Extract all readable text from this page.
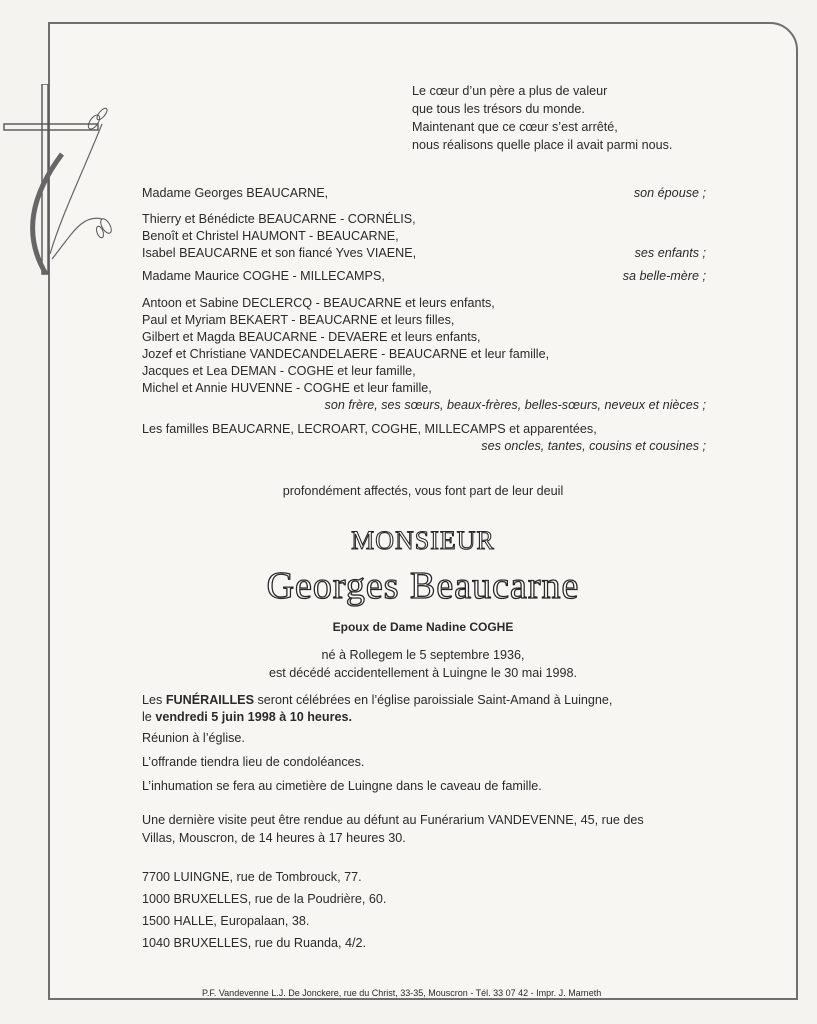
Le cœur d’un père a plus de valeur
que tous les trésors du monde.
Maintenant que ce cœur s’est arrêté,
nous réalisons quelle place il avait parmi nous.
Madame Georges BEAUCARNE,	son épouse ;
Thierry et Bénédicte BEAUCARNE - CORNÉLIS,
Benoît et Christel HAUMONT - BEAUCARNE,
Isabel BEAUCARNE et son fiancé Yves VIAENE,	ses enfants ;
Madame Maurice COGHE - MILLECAMPS,	sa belle-mère ;
Antoon et Sabine DECLERCQ - BEAUCARNE et leurs enfants,
Paul et Myriam BEKAERT - BEAUCARNE et leurs filles,
Gilbert et Magda BEAUCARNE - DEVAERE et leurs enfants,
Jozef et Christiane VANDECANDELAERE - BEAUCARNE et leur famille,
Jacques et Lea DEMAN - COGHE et leur famille,
Michel et Annie HUVENNE - COGHE et leur famille,
son frère, ses sœurs, beaux-frères, belles-sœurs, neveux et nièces ;
Les familles BEAUCARNE, LECROART, COGHE, MILLECAMPS et apparentées,
ses oncles, tantes, cousins et cousines ;
profondément affectés, vous font part de leur deuil
MONSIEUR
Georges Beaucarne
Epoux de Dame Nadine COGHE
né à Rollegem le 5 septembre 1936,
est décédé accidentellement à Luingne le 30 mai 1998.
Les FUNÉRAILLES seront célébrées en l’église paroissiale Saint-Amand à Luingne,
le vendredi 5 juin 1998 à 10 heures.
Réunion à l’église.
L’offrande tiendra lieu de condoléances.
L’inhumation se fera au cimetière de Luingne dans le caveau de famille.
Une dernière visite peut être rendue au défunt au Funérarium VANDEVENNE, 45, rue des
Villas, Mouscron, de 14 heures à 17 heures 30.
7700 LUINGNE, rue de Tombrouck, 77.
1000 BRUXELLES, rue de la Poudrière, 60.
1500 HALLE, Europalaan, 38.
1040 BRUXELLES, rue du Ruanda, 4/2.
P.F. Vandevenne L.J. De Jonckere, rue du Christ, 33-35, Mouscron - Tél. 33 07 42 - Impr. J. Marneth
